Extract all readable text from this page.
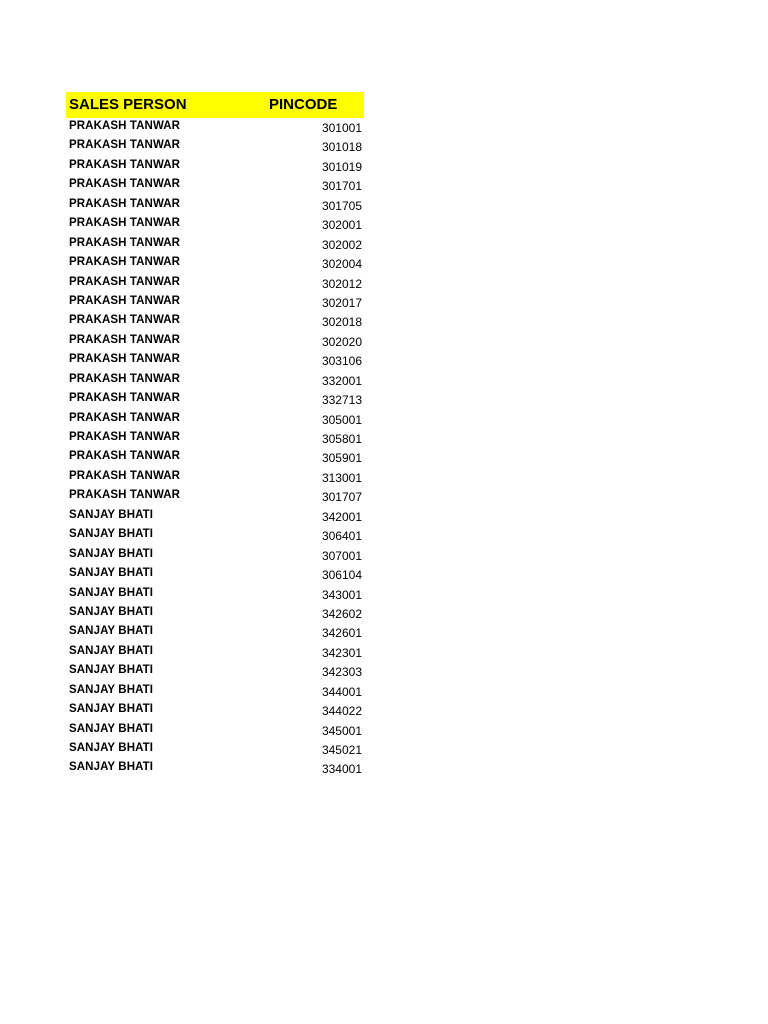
SALES PERSON	PINCODE
PRAKASH TANWAR	301001
PRAKASH TANWAR	301018
PRAKASH TANWAR	301019
PRAKASH TANWAR	301701
PRAKASH TANWAR	301705
PRAKASH TANWAR	302001
PRAKASH TANWAR	302002
PRAKASH TANWAR	302004
PRAKASH TANWAR	302012
PRAKASH TANWAR	302017
PRAKASH TANWAR	302018
PRAKASH TANWAR	302020
PRAKASH TANWAR	303106
PRAKASH TANWAR	332001
PRAKASH TANWAR	332713
PRAKASH TANWAR	305001
PRAKASH TANWAR	305801
PRAKASH TANWAR	305901
PRAKASH TANWAR	313001
PRAKASH TANWAR	301707
SANJAY BHATI	342001
SANJAY BHATI	306401
SANJAY BHATI	307001
SANJAY BHATI	306104
SANJAY BHATI	343001
SANJAY BHATI	342602
SANJAY BHATI	342601
SANJAY BHATI	342301
SANJAY BHATI	342303
SANJAY BHATI	344001
SANJAY BHATI	344022
SANJAY BHATI	345001
SANJAY BHATI	345021
SANJAY BHATI	334001
